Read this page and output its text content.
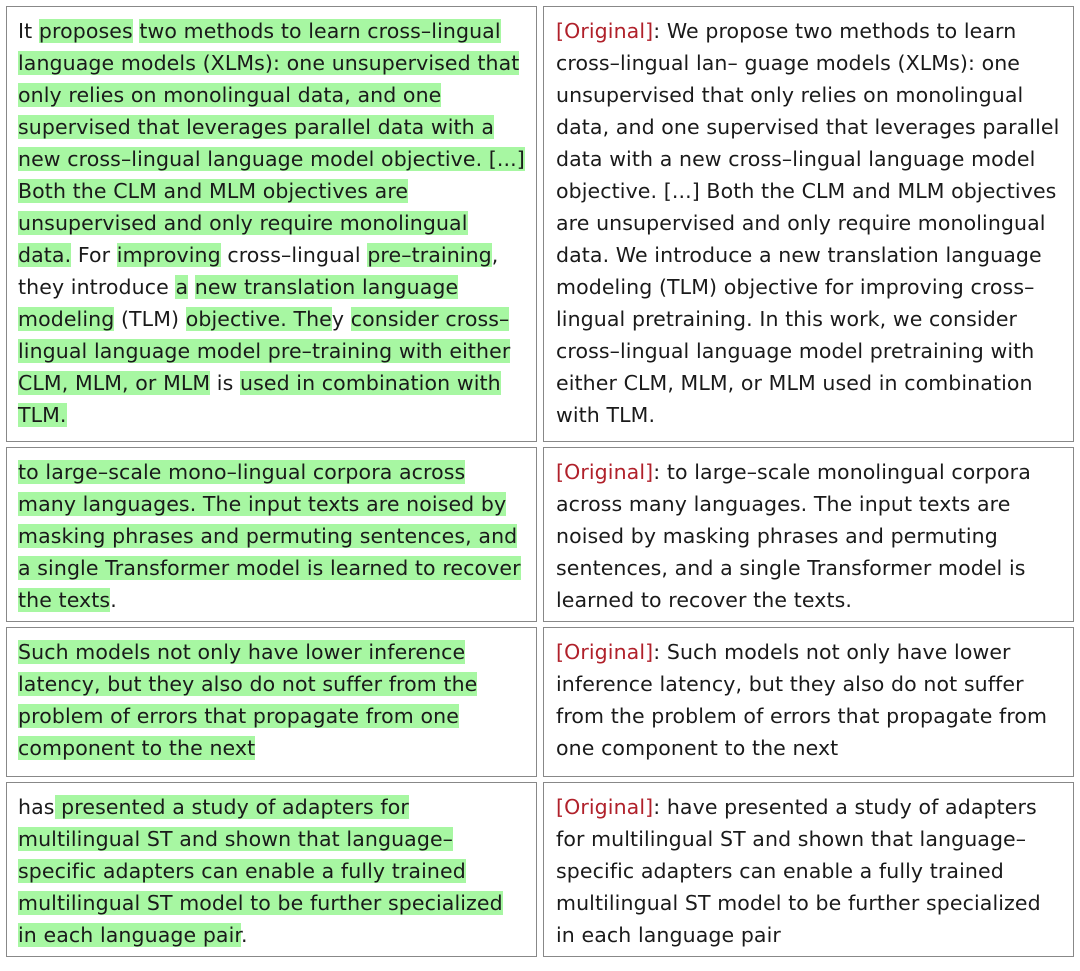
It proposes two methods to learn cross–lingual language models (XLMs): one unsupervised that only relies on monolingual data, and one supervised that leverages parallel data with a new cross–lingual language model objective. [...] Both the CLM and MLM objectives are unsupervised and only require monolingual data. For improving cross–lingual pre–training, they introduce a new translation language modeling (TLM) objective. They consider cross–lingual language model pre–training with either CLM, MLM, or MLM is used in combination with TLM.
[Original]: We propose two methods to learn cross–lingual lan– guage models (XLMs): one unsupervised that only relies on monolingual data, and one supervised that leverages parallel data with a new cross–lingual language model objective. [...] Both the CLM and MLM objectives are unsupervised and only require monolingual data. We introduce a new translation language modeling (TLM) objective for improving cross–lingual pretraining. In this work, we consider cross–lingual language model pretraining with either CLM, MLM, or MLM used in combination with TLM.
to large–scale mono–lingual corpora across many languages. The input texts are noised by masking phrases and permuting sentences, and a single Transformer model is learned to recover the texts.
[Original]: to large–scale monolingual corpora across many languages. The input texts are noised by masking phrases and permuting sentences, and a single Transformer model is learned to recover the texts.
Such models not only have lower inference latency, but they also do not suffer from the problem of errors that propagate from one component to the next
[Original]: Such models not only have lower inference latency, but they also do not suffer from the problem of errors that propagate from one component to the next
has presented a study of adapters for multilingual ST and shown that language–specific adapters can enable a fully trained multilingual ST model to be further specialized in each language pair.
[Original]: have presented a study of adapters for multilingual ST and shown that language–specific adapters can enable a fully trained multilingual ST model to be further specialized in each language pair
